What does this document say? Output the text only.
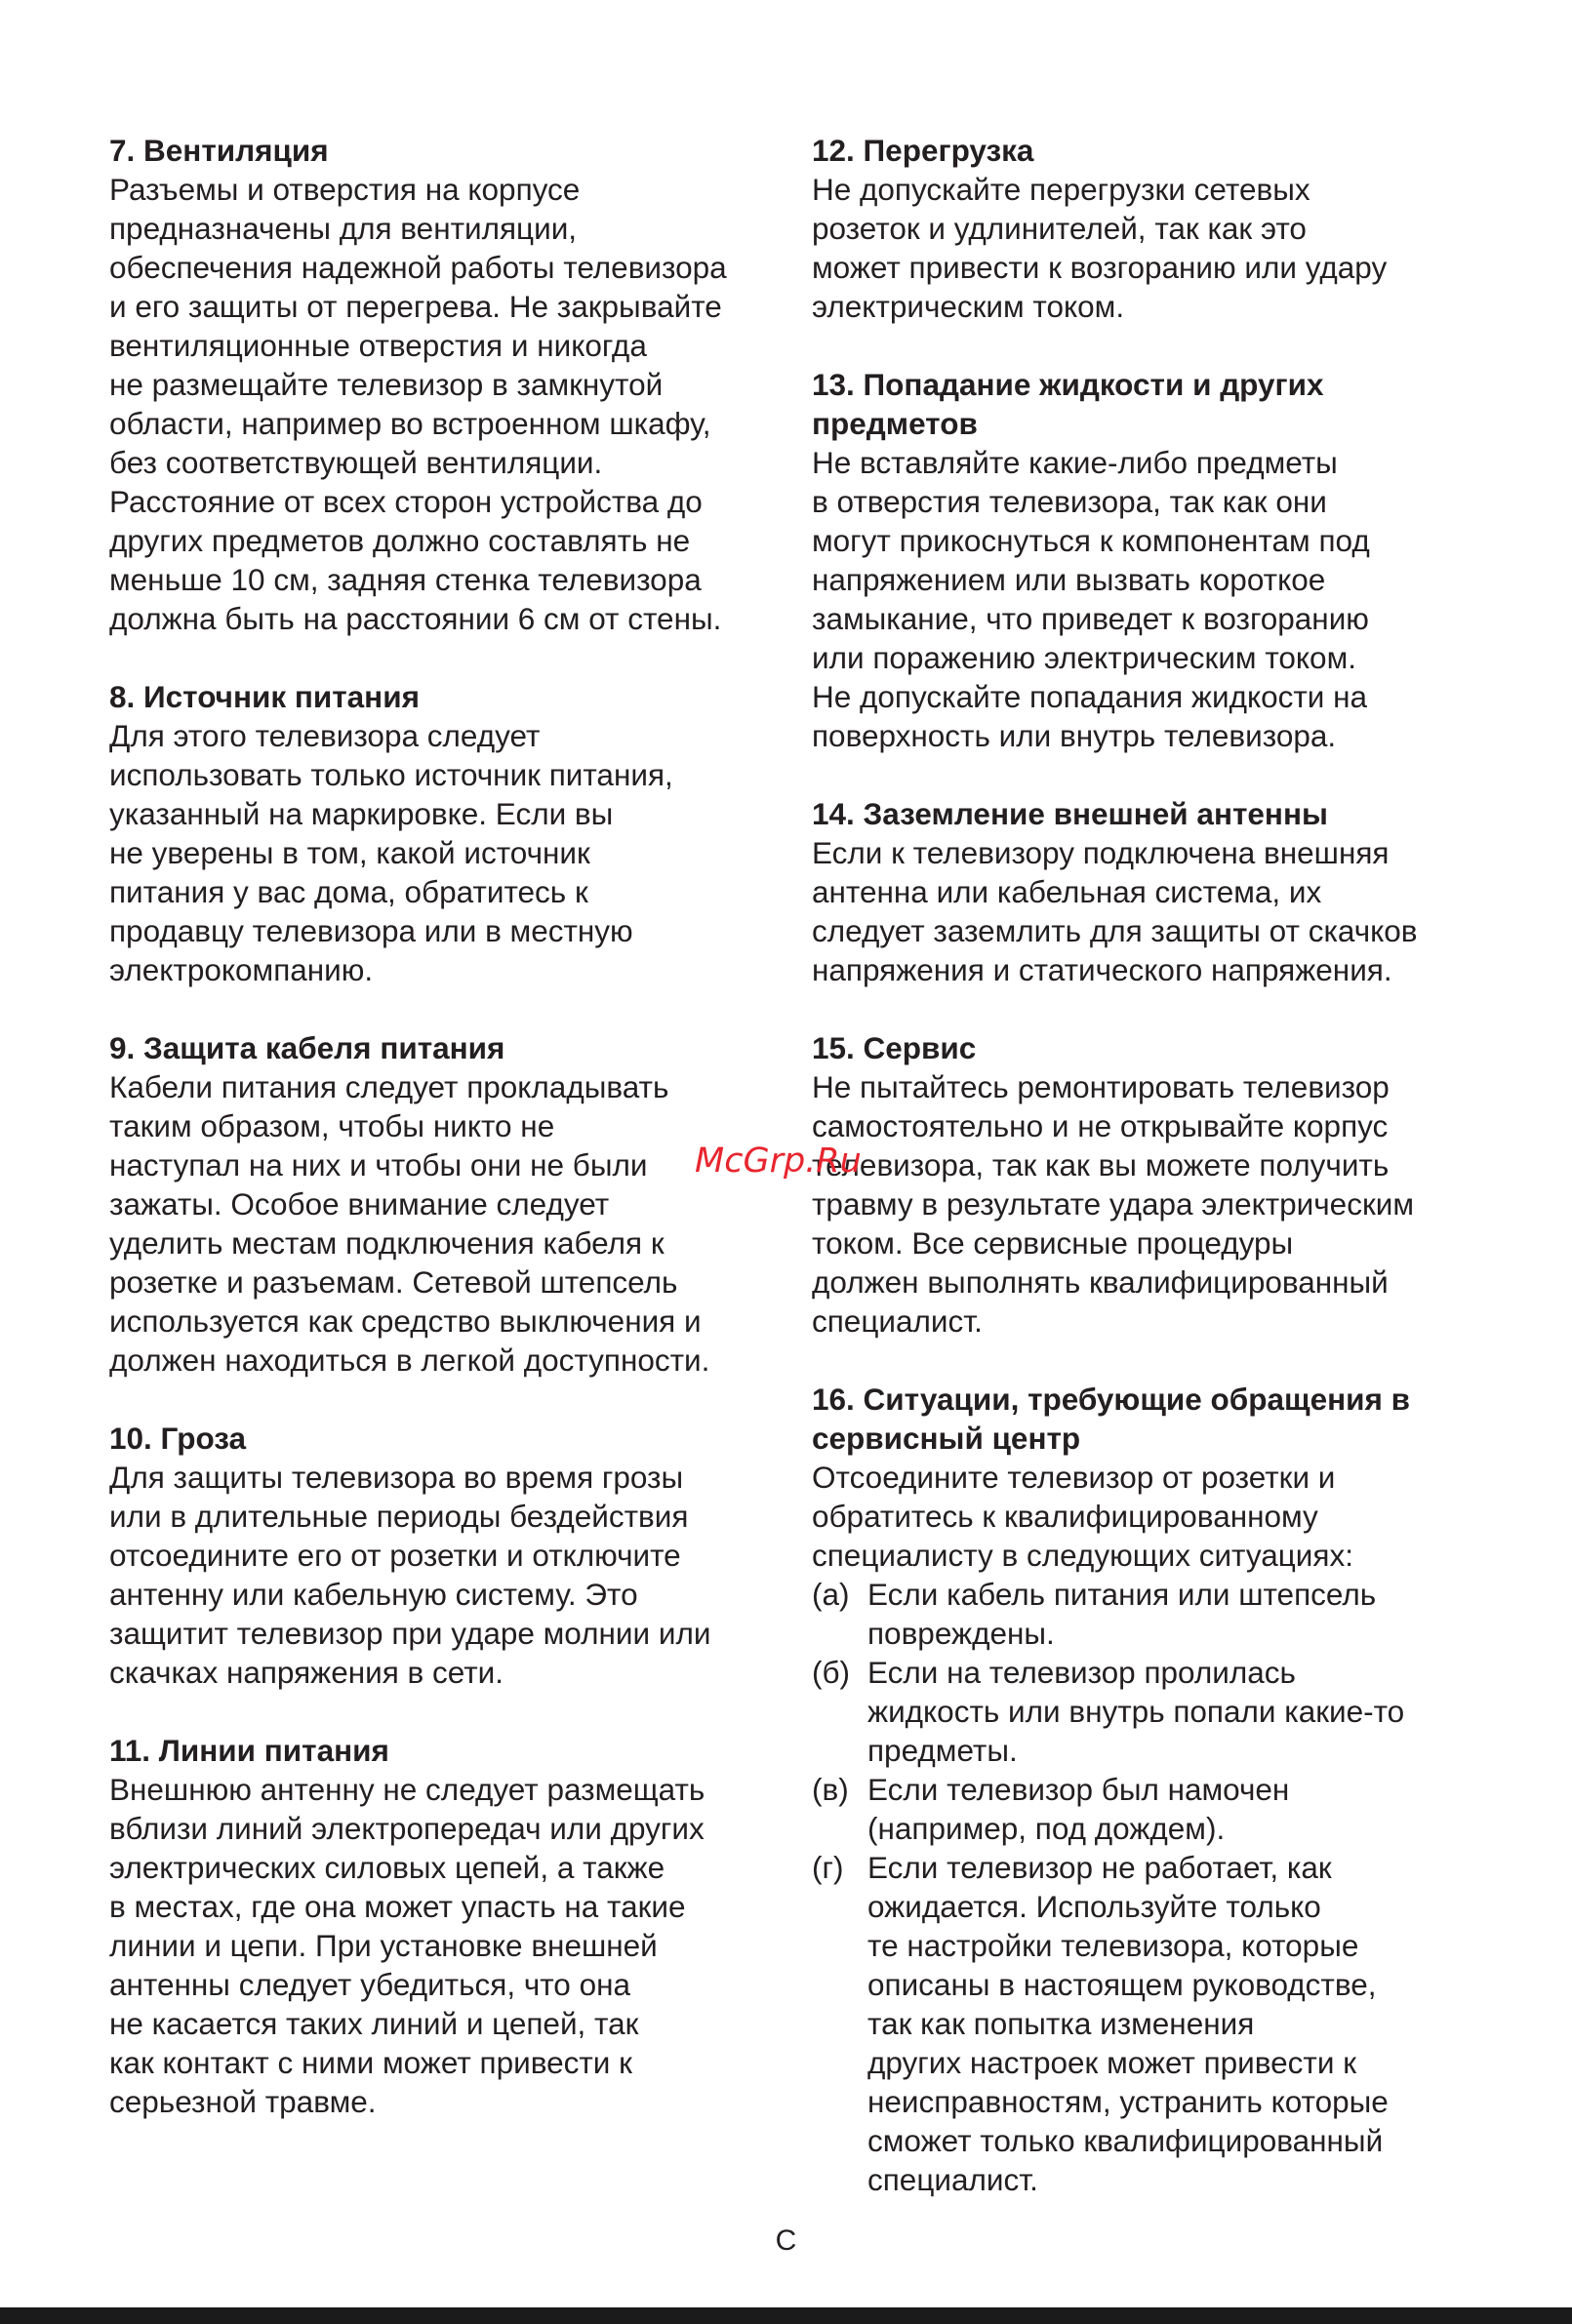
7. Вентиляция

Разъемы и отверстия на корпусе
предназначены для вентиляции,
обеспечения надежной работы телевизора
и его защиты от перегрева. Не закрывайте
вентиляционные отверстия и никогда
не размещайте телевизор в замкнутой
области, например во встроенном шкафу,
без соответствующей вентиляции.
Расстояние от всех сторон устройства до
других предметов должно составлять не
меньше 10 см, задняя стенка телевизора
должна быть на расстоянии 6 см от стены.

8. Источник питания

Для этого телевизора следует
использовать только источник питания,
указанный на маркировке. Если вы
не уверены в том, какой источник
питания у вас дома, обратитесь к
продавцу телевизора или в местную
электрокомпанию.

9. Защита кабеля питания

Кабели питания следует прокладывать
таким образом, чтобы никто не
наступал на них и чтобы они не были
зажаты. Особое внимание следует
уделить местам подключения кабеля к
розетке и разъемам. Сетевой штепсель
используется как средство выключения и
должен находиться в легкой доступности.

10. Гроза

Для защиты телевизора во время грозы
или в длительные периоды бездействия
отсоедините его от розетки и отключите
антенну или кабельную систему. Это
защитит телевизор при ударе молнии или
скачках напряжения в сети.

11. Линии питания

Внешнюю антенну не следует размещать
вблизи линий электропередач или других
электрических силовых цепей, а также
в местах, где она может упасть на такие
линии и цепи. При установке внешней
антенны следует убедиться, что она
не касается таких линий и цепей, так
как контакт с ними может привести к
серьезной травме.

12. Перегрузка

Не допускайте перегрузки сетевых
розеток и удлинителей, так как это
может привести к возгоранию или удару
электрическим током.

13. Попадание жидкости и других
предметов

Не вставляйте какие-либо предметы
в отверстия телевизора, так как они
могут прикоснуться к компонентам под
напряжением или вызвать короткое
замыкание, что приведет к возгоранию
или поражению электрическим током.
Не допускайте попадания жидкости на
поверхность или внутрь телевизора.

14. Заземление внешней антенны

Если к телевизору подключена внешняя
антенна или кабельная система, их
следует заземлить для защиты от скачков
напряжения и статического напряжения.

15. Сервис

Не пытайтесь ремонтировать телевизор
самостоятельно и не открывайте корпус
телевизора, так как вы можете получить
травму в результате удара электрическим
током. Все сервисные процедуры
должен выполнять квалифицированный
специалист.

16. Ситуации, требующие обращения в
сервисный центр

Отсоедините телевизор от розетки и
обратитесь к квалифицированному
специалисту в следующих ситуациях:

(а) Если кабель питания или штепсель
повреждены.
(б) Если на телевизор пролилась
жидкость или внутрь попали какие-то
предметы.
(в) Если телевизор был намочен
(например, под дождем).
(г) Если телевизор не работает, как
ожидается. Используйте только
те настройки телевизора, которые
описаны в настоящем руководстве,
так как попытка изменения
других настроек может привести к
неисправностям, устранить которые
сможет только квалифицированный
специалист.
McGrp.Ru
C
